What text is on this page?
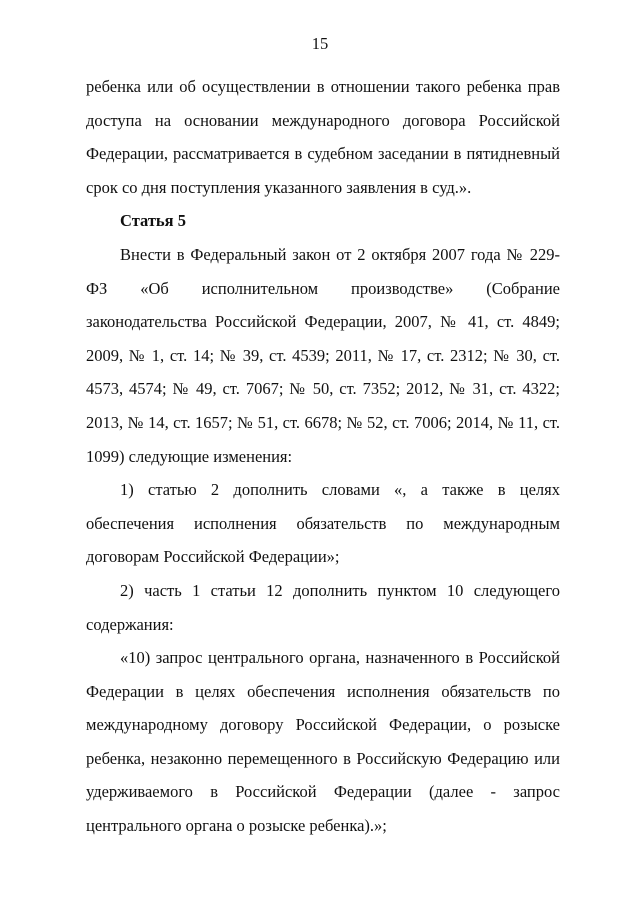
15

ребенка или об осуществлении в отношении такого ребенка прав доступа на основании международного договора Российской Федерации, рассматривается в судебном заседании в пятидневный срок со дня поступления указанного заявления в суд.».

Статья 5

Внести в Федеральный закон от 2 октября 2007 года № 229-ФЗ «Об исполнительном производстве» (Собрание законодательства Российской Федерации, 2007, № 41, ст. 4849; 2009, № 1, ст. 14; № 39, ст. 4539; 2011, № 17, ст. 2312; № 30, ст. 4573, 4574; № 49, ст. 7067; № 50, ст. 7352; 2012, № 31, ст. 4322; 2013, № 14, ст. 1657; № 51, ст. 6678; № 52, ст. 7006; 2014, № 11, ст. 1099) следующие изменения:

1) статью 2 дополнить словами «, а также в целях обеспечения исполнения обязательств по международным договорам Российской Федерации»;

2) часть 1 статьи 12 дополнить пунктом 10 следующего содержания:

«10) запрос центрального органа, назначенного в Российской Федерации в целях обеспечения исполнения обязательств по международному договору Российской Федерации, о розыске ребенка, незаконно перемещенного в Российскую Федерацию или удерживаемого в Российской Федерации (далее - запрос центрального органа о розыске ребенка).»;
